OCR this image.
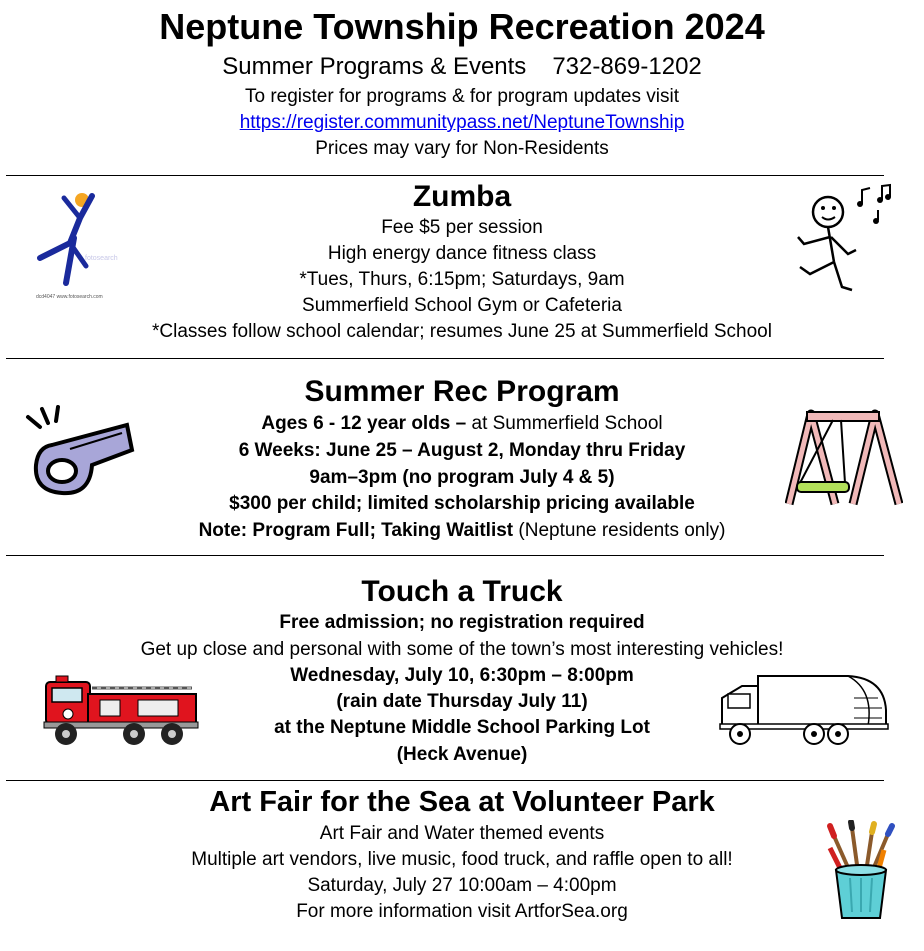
Neptune Township Recreation 2024
Summer Programs & Events 732-869-1202
To register for programs & for program updates visit
https://register.communitypass.net/NeptuneTownship
Prices may vary for Non-Residents
Zumba
Fee $5 per session
High energy dance fitness class
*Tues, Thurs, 6:15pm; Saturdays, 9am
Summerfield School Gym or Cafeteria
*Classes follow school calendar; resumes June 25 at Summerfield School
fotosearch
dcd4047 www.fotosearch.com
Summer Rec Program
Ages 6 - 12 year olds – at Summerfield School
6 Weeks: June 25 – August 2, Monday thru Friday
9am–3pm (no program July 4 & 5)
$300 per child; limited scholarship pricing available
Note: Program Full; Taking Waitlist (Neptune residents only)
Touch a Truck
Free admission; no registration required
Get up close and personal with some of the town’s most interesting vehicles!
Wednesday, July 10, 6:30pm – 8:00pm
(rain date Thursday July 11)
at the Neptune Middle School Parking Lot
(Heck Avenue)
Art Fair for the Sea at Volunteer Park
Art Fair and Water themed events
Multiple art vendors, live music, food truck, and raffle open to all!
Saturday, July 27 10:00am – 4:00pm
For more information visit ArtforSea.org
